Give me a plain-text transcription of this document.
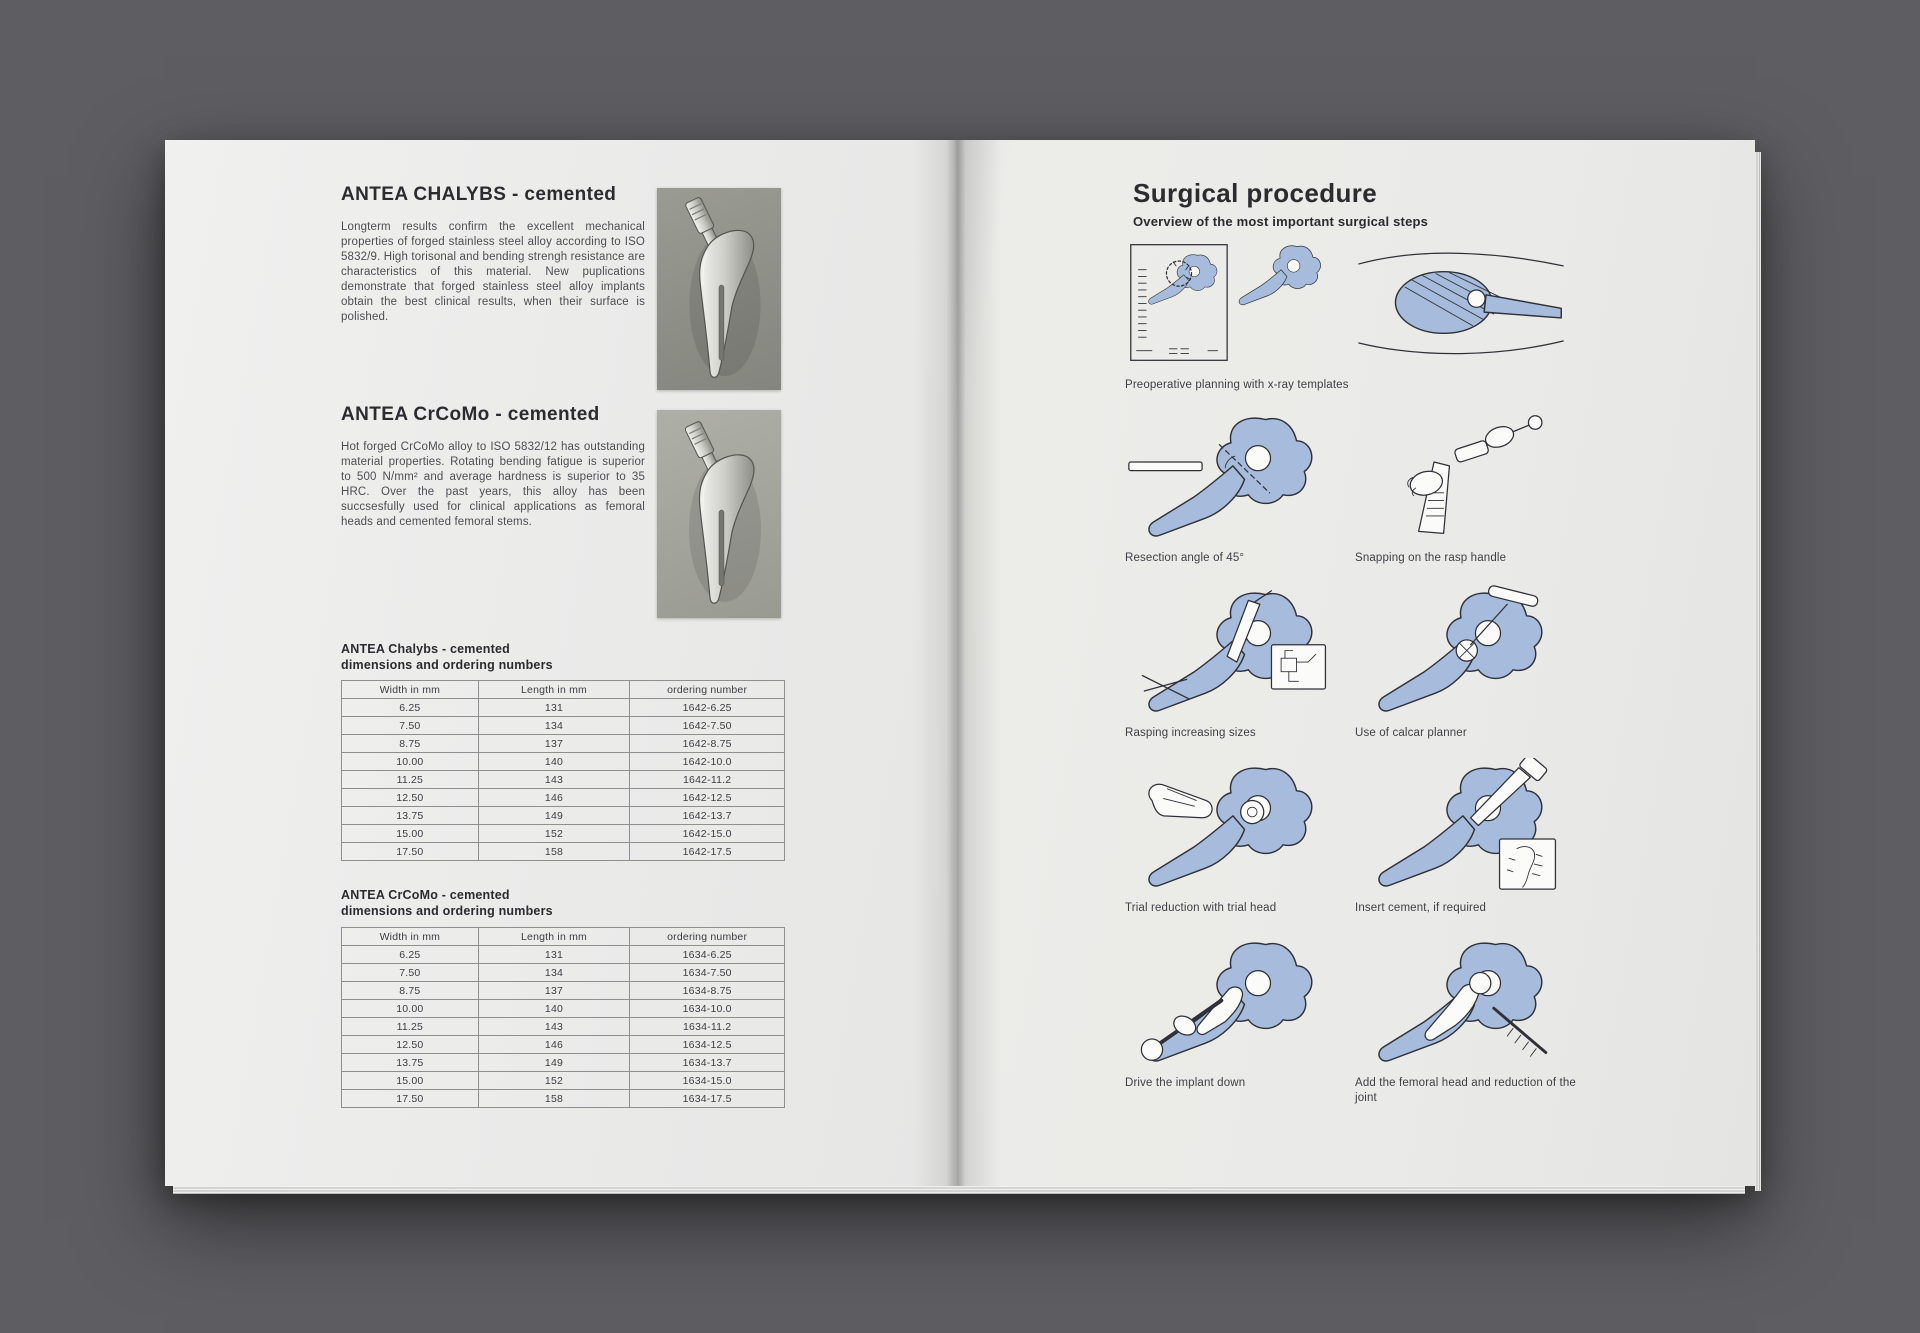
ANTEA CHALYBS - cemented

Longterm results confirm the excellent mechanical properties of forged stainless steel alloy according to ISO 5832/9. High torisonal and bending strengh resistance are characteristics of this material. New puplications demonstrate that forged stainless steel alloy implants obtain the best clinical results, when their surface is polished.

ANTEA CrCoMo - cemented

Hot forged CrCoMo alloy to ISO 5832/12 has outstanding material properties. Rotating bending fatigue is superior to 500 N/mm² and average hardness is superior to 35 HRC. Over the past years, this alloy has been succsesfully used for clinical applications as femoral heads and cemented femoral stems.

ANTEA Chalybs - cemented
dimensions and ordering numbers
Width in mm	Length in mm	ordering number
6.25	131	1642-6.25
7.50	134	1642-7.50
8.75	137	1642-8.75
10.00	140	1642-10.0
11.25	143	1642-11.2
12.50	146	1642-12.5
13.75	149	1642-13.7
15.00	152	1642-15.0
17.50	158	1642-17.5
ANTEA CrCoMo - cemented
dimensions and ordering numbers
Width in mm	Length in mm	ordering number
6.25	131	1634-6.25
7.50	134	1634-7.50
8.75	137	1634-8.75
10.00	140	1634-10.0
11.25	143	1634-11.2
12.50	146	1634-12.5
13.75	149	1634-13.7
15.00	152	1634-15.0
17.50	158	1634-17.5
Surgical procedure
Overview of the most important surgical steps
Preoperative planning with x-ray templates
Resection angle of 45°	Snapping on the rasp handle
Rasping increasing sizes	Use of calcar planner
Trial reduction with trial head	Insert cement, if required
Drive the implant down	Add the femoral head and reduction of the joint
